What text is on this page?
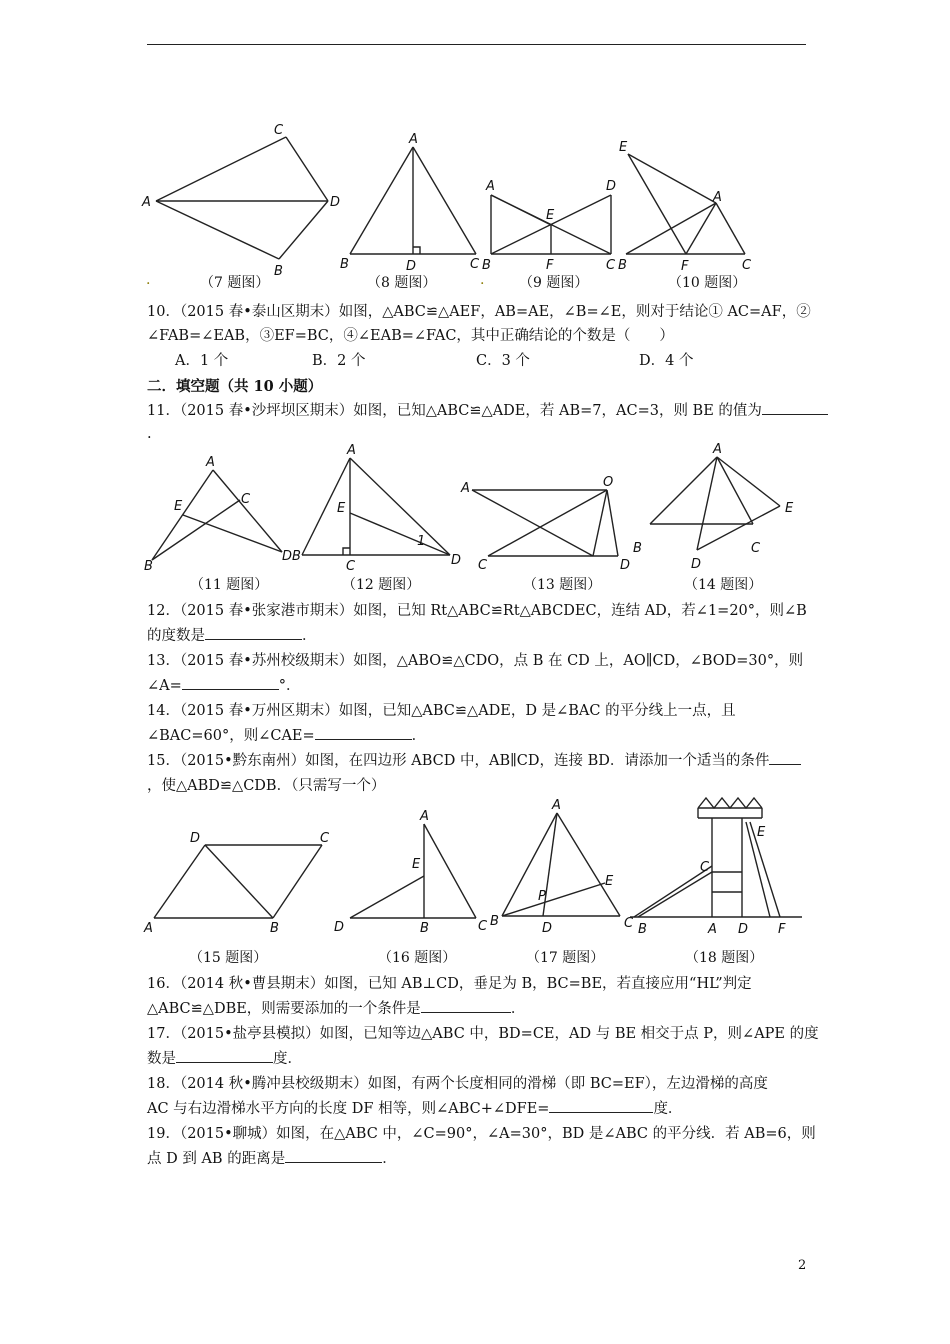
A
C
D
B
.	（7 题图）
A
B	D	C
（8 题图）
A	D
E
B	F	C
. （9 题图）
E
A
B	F	C
（10 题图）
10．（2015 春•泰山区期末）如图，△ABC≌△AEF，AB=AE，∠B=∠E，则对于结论① AC=AF，②
∠FAB=∠EAB，③EF=BC，④∠EAB=∠FAC，其中正确结论的个数是（　　）
A．1 个	B．2 个	C．3 个	D．4 个
二．填空题（共 10 小题）
11．（2015 春•沙坪坝区期末）如图，已知△ABC≌△ADE，若 AB=7，AC=3，则 BE 的值为
.
A
E	C
B
DB
（11 题图）
A
E
1
C	D
（12 题图）
A	O
C
B
D
（13 题图）
A
E
D
C
（14 题图）
12．（2015 春•张家港市期末）如图，已知 Rt△ABC≌Rt△ABCDEC，连结 AD，若∠1=20°，则∠B
的度数是	．
13．（2015 春•苏州校级期末）如图，△ABO≌△CDO，点 B 在 CD 上，AO∥CD，∠BOD=30°，则
∠A=	°．
14．（2015 春•万州区期末）如图，已知△ABC≌△ADE，D 是∠BAC 的平分线上一点，且
∠BAC=60°，则∠CAE=	．
15．（2015•黔东南州）如图，在四边形 ABCD 中，AB∥CD，连接 BD．请添加一个适当的条件
，使△ABD≌△CDB．（只需写一个）
D	C
A	B
（15 题图）
A
E
D	B	C
（16 题图）
A
E
P
B	D	C
（17 题图）
E
C
B	A D F
（18 题图）
16．（2014 秋•曹县期末）如图，已知 AB⊥CD，垂足为 B，BC=BE，若直接应用“HL”判定
△ABC≌△DBE，则需要添加的一个条件是	．
17．（2015•盐亭县模拟）如图，已知等边△ABC 中，BD=CE，AD 与 BE 相交于点 P，则∠APE 的度
数是	度．
18．（2014 秋•腾冲县校级期末）如图，有两个长度相同的滑梯（即 BC=EF），左边滑梯的高度
AC 与右边滑梯水平方向的长度 DF 相等，则∠ABC+∠DFE=	度．
19．（2015•聊城）如图，在△ABC 中，∠C=90°，∠A=30°，BD 是∠ABC 的平分线．若 AB=6，则
点 D 到 AB 的距离是	．
2
